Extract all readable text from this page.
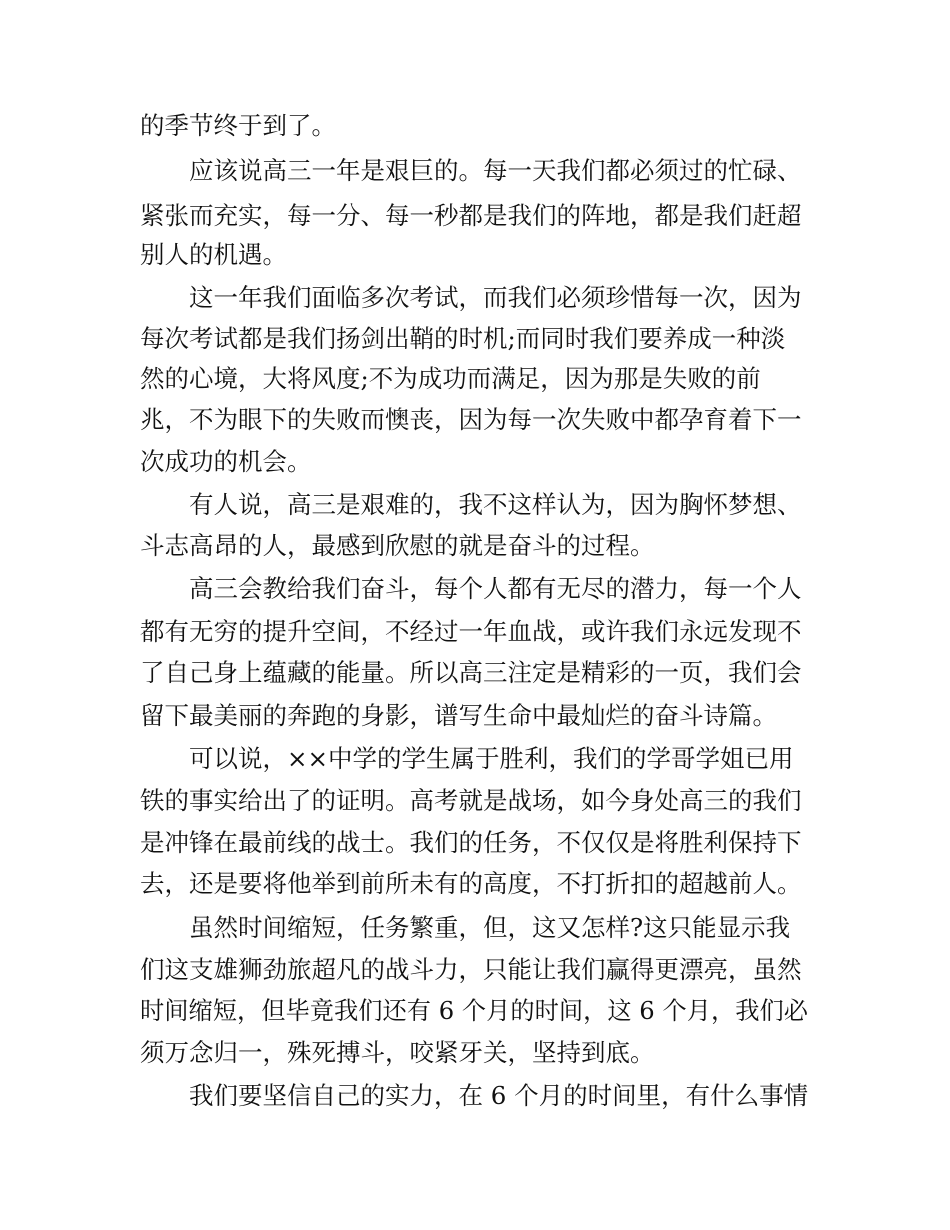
的季节终于到了。

应该说高三一年是艰巨的。每一天我们都必须过的忙碌、

紧张而充实，每一分、每一秒都是我们的阵地，都是我们赶超

别人的机遇。

这一年我们面临多次考试，而我们必须珍惜每一次，因为

每次考试都是我们扬剑出鞘的时机;而同时我们要养成一种淡

然的心境，大将风度;不为成功而满足，因为那是失败的前

兆，不为眼下的失败而懊丧，因为每一次失败中都孕育着下一

次成功的机会。

有人说，高三是艰难的，我不这样认为，因为胸怀梦想、

斗志高昂的人，最感到欣慰的就是奋斗的过程。

高三会教给我们奋斗，每个人都有无尽的潜力，每一个人

都有无穷的提升空间，不经过一年血战，或许我们永远发现不

了自己身上蕴藏的能量。所以高三注定是精彩的一页，我们会

留下最美丽的奔跑的身影，谱写生命中最灿烂的奋斗诗篇。

可以说，××中学的学生属于胜利，我们的学哥学姐已用

铁的事实给出了的证明。高考就是战场，如今身处高三的我们

是冲锋在最前线的战士。我们的任务，不仅仅是将胜利保持下

去，还是要将他举到前所未有的高度，不打折扣的超越前人。

虽然时间缩短，任务繁重，但，这又怎样?这只能显示我

们这支雄狮劲旅超凡的战斗力，只能让我们赢得更漂亮，虽然

时间缩短，但毕竟我们还有 6 个月的时间，这 6 个月，我们必

须万念归一，殊死搏斗，咬紧牙关，坚持到底。

我们要坚信自己的实力，在 6 个月的时间里，有什么事情
